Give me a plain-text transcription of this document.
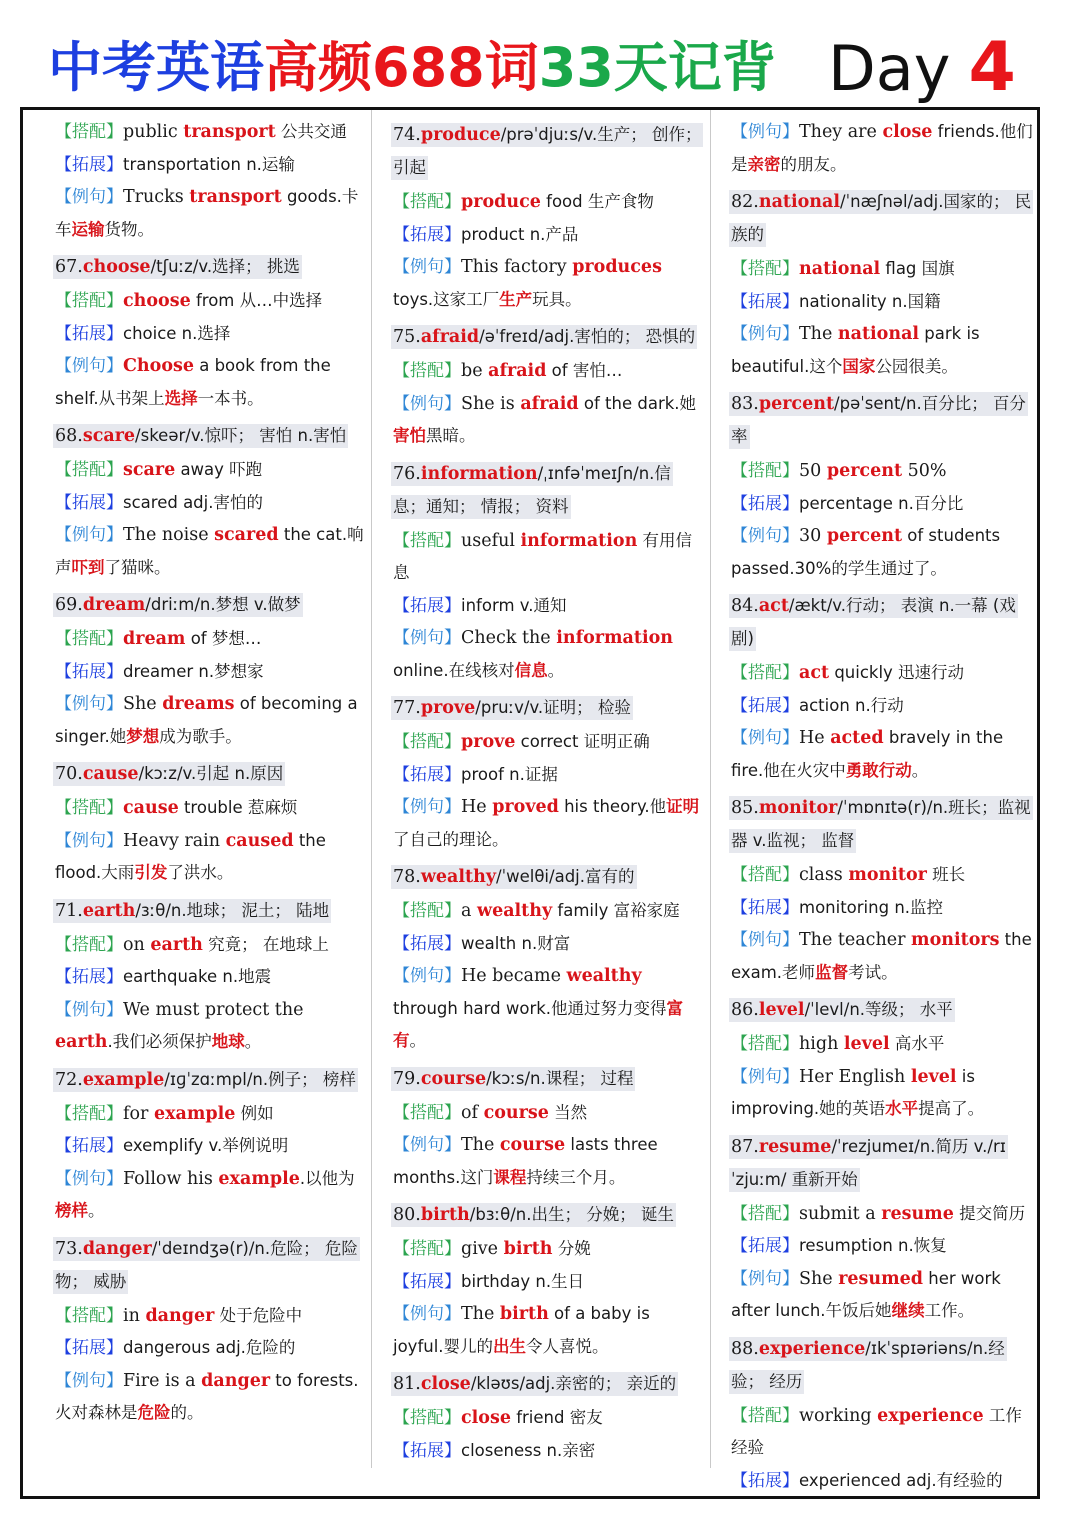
中考英语高频688词33天记背 Day 4
【搭配】public transport 公共交通
【拓展】transportation n.运输
【例句】Trucks transport goods.卡车运输货物。
67.choose/tʃuːz/v.选择； 挑选
【搭配】choose from 从…中选择
【拓展】choice n.选择
【例句】Choose a book from the shelf.从书架上选择一本书。
68.scare/skeər/v.惊吓； 害怕 n.害怕
【搭配】scare away 吓跑
【拓展】scared adj.害怕的
【例句】The noise scared the cat.响声吓到了猫咪。
69.dream/driːm/n.梦想 v.做梦
【搭配】dream of 梦想…
【拓展】dreamer n.梦想家
【例句】She dreams of becoming a singer.她梦想成为歌手。
70.cause/kɔːz/v.引起 n.原因
【搭配】cause trouble 惹麻烦
【例句】Heavy rain caused the flood.大雨引发了洪水。
71.earth/ɜːθ/n.地球； 泥土； 陆地
【搭配】on earth 究竟； 在地球上
【拓展】earthquake n.地震
【例句】We must protect the earth.我们必须保护地球。
72.example/ɪɡˈzɑːmpl/n.例子； 榜样
【搭配】for example 例如
【拓展】exemplify v.举例说明
【例句】Follow his example.以他为榜样。
73.danger/ˈdeɪndʒə(r)/n.危险； 危险物； 威胁
【搭配】in danger 处于危险中
【拓展】dangerous adj.危险的
【例句】Fire is a danger to forests.火对森林是危险的。
74.produce/prəˈdjuːs/v.生产； 创作； 引起
【搭配】produce food 生产食物
【拓展】product n.产品
【例句】This factory produces toys.这家工厂生产玩具。
75.afraid/əˈfreɪd/adj.害怕的； 恐惧的
【搭配】be afraid of 害怕…
【例句】She is afraid of the dark.她害怕黑暗。
76.information/ˌɪnfəˈmeɪʃn/n.信息；通知； 情报； 资料
【搭配】useful information 有用信息
【拓展】inform v.通知
【例句】Check the information online.在线核对信息。
77.prove/pruːv/v.证明； 检验
【搭配】prove correct 证明正确
【拓展】proof n.证据
【例句】He proved his theory.他证明了自己的理论。
78.wealthy/ˈwelθi/adj.富有的
【搭配】a wealthy family 富裕家庭
【拓展】wealth n.财富
【例句】He became wealthy through hard work.他通过努力变得富有。
79.course/kɔːs/n.课程； 过程
【搭配】of course 当然
【例句】The course lasts three months.这门课程持续三个月。
80.birth/bɜːθ/n.出生； 分娩； 诞生
【搭配】give birth 分娩
【拓展】birthday n.生日
【例句】The birth of a baby is joyful.婴儿的出生令人喜悦。
81.close/kləʊs/adj.亲密的； 亲近的
【搭配】close friend 密友
【拓展】closeness n.亲密
【例句】They are close friends.他们是亲密的朋友。
82.national/ˈnæʃnəl/adj.国家的； 民族的
【搭配】national flag 国旗
【拓展】nationality n.国籍
【例句】The national park is beautiful.这个国家公园很美。
83.percent/pəˈsent/n.百分比； 百分率
【搭配】50 percent 50%
【拓展】percentage n.百分比
【例句】30 percent of students passed.30%的学生通过了。
84.act/ækt/v.行动； 表演 n.一幕 (戏剧)
【搭配】act quickly 迅速行动
【拓展】action n.行动
【例句】He acted bravely in the fire.他在火灾中勇敢行动。
85.monitor/ˈmɒnɪtə(r)/n.班长；监视器 v.监视； 监督
【搭配】class monitor 班长
【拓展】monitoring n.监控
【例句】The teacher monitors the exam.老师监督考试。
86.level/ˈlevl/n.等级； 水平
【搭配】high level 高水平
【例句】Her English level is improving.她的英语水平提高了。
87.resume/ˈrezjumeɪ/n.简历 v./rɪˈzjuːm/ 重新开始
【搭配】submit a resume 提交简历
【拓展】resumption n.恢复
【例句】She resumed her work after lunch.午饭后她继续工作。
88.experience/ɪkˈspɪəriəns/n.经验； 经历
【搭配】working experience 工作经验
【拓展】experienced adj.有经验的
